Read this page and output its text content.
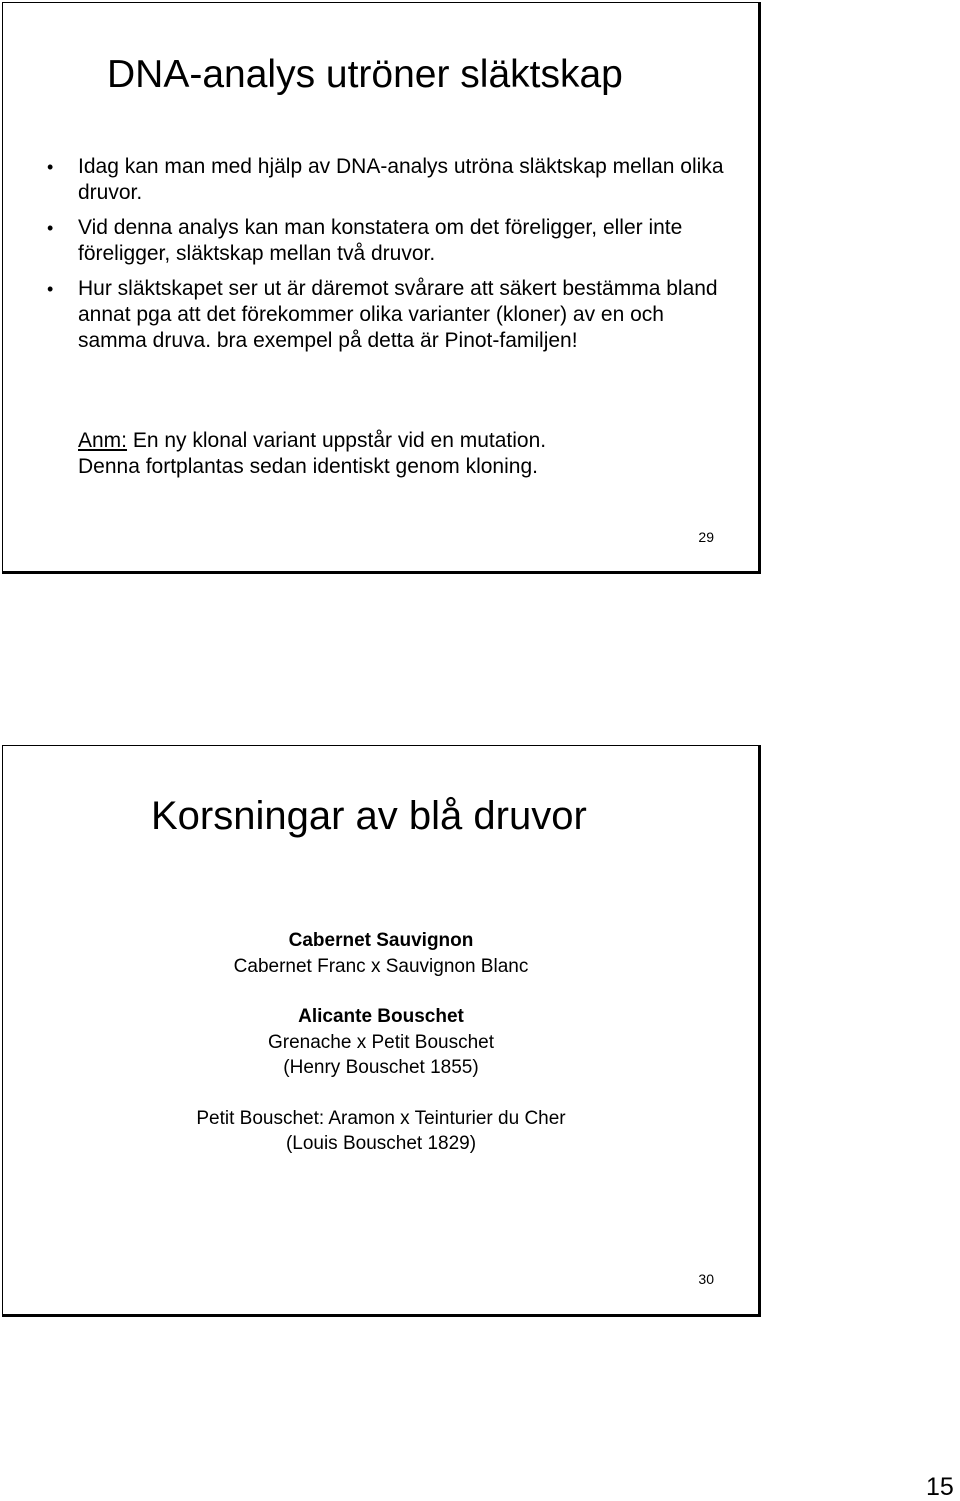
DNA-analys utröner släktskap
• Idag kan man med hjälp av DNA-analys utröna släktskap mellan olika druvor.
• Vid denna analys kan man konstatera om det föreligger, eller inte föreligger, släktskap mellan två druvor.
• Hur släktskapet ser ut är däremot svårare att säkert bestämma bland annat pga att det förekommer olika varianter (kloner) av en och samma druva. bra exempel på detta är Pinot-familjen!
Anm: En ny klonal variant uppstår vid en mutation.
Denna fortplantas sedan identiskt genom kloning.
29
Korsningar av blå druvor
Cabernet Sauvignon
Cabernet Franc x Sauvignon Blanc
Alicante Bouschet
Grenache x Petit Bouschet
(Henry Bouschet 1855)
Petit Bouschet: Aramon x Teinturier du Cher
(Louis Bouschet 1829)
30
15
